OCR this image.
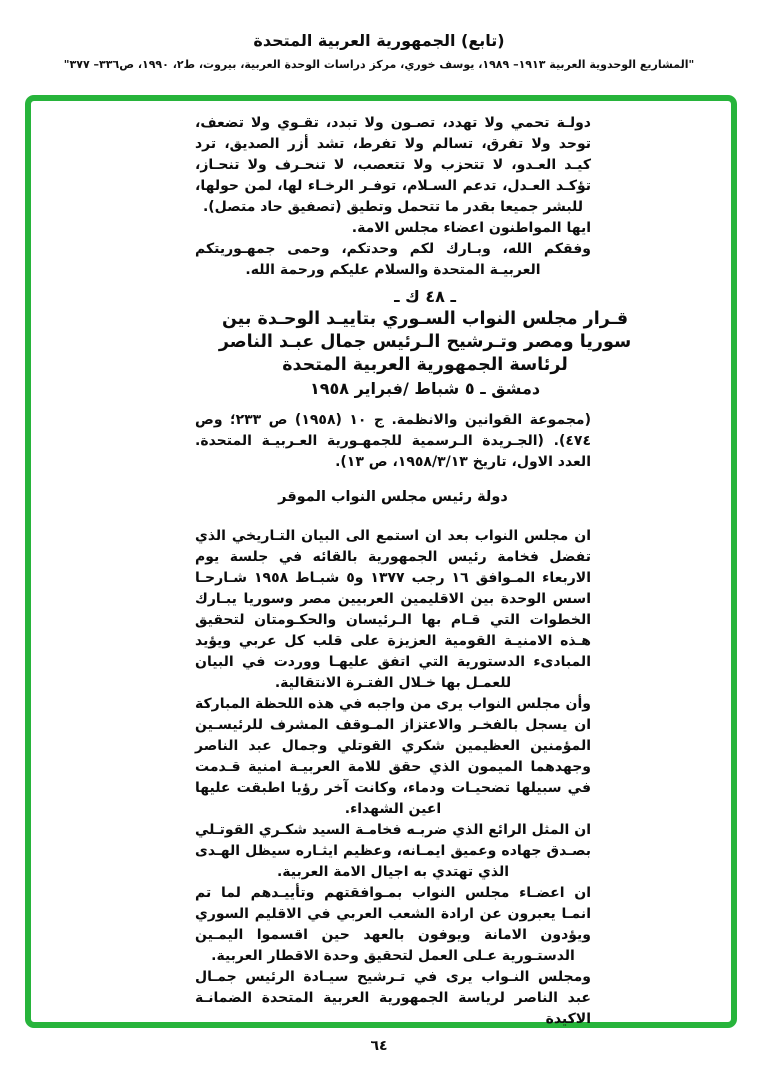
(تابع) الجمهورية العربية المتحدة
"المشاريع الوحدوية العربية ١٩١٣– ١٩٨٩، يوسف خوري، مركز دراسات الوحدة العربية، بيروت، ط٢، ١٩٩٠، ص٣٣٦– ٣٧٧"

دولـة تحمي ولا تهدد، تصـون ولا تبدد، تقـوي ولا تضعف، توحد ولا تفرق، تسالم ولا تفرط، تشد أزر الصديق، ترد كيـد العـدو، لا تتحزب ولا تتعصب، لا تنحـرف ولا تنحـاز، تؤكـد العـدل، تدعم السـلام، توفـر الرخـاء لها، لمن حولها، للبشر جميعا بقدر ما تتحمل وتطيق (تصفيق حاد متصل).

ايها المواطنون اعضاء مجلس الامة.

وفقكم الله، وبـارك لكم وحدتكم، وحمى جمهـوريتكم العربيـة المتحدة والسلام عليكم ورحمة الله.

ـ ٤٨ ك ـ
قـرار مجلس النواب السـوري بتاييـد الوحـدة بين
سوريا ومصر وتـرشيح الـرئيس جمال عبـد الناصر
لرئاسة الجمهورية العربية المتحدة
دمشق ـ ٥ شباط /فبراير ١٩٥٨

(مجموعة القوانين والانظمة. ج ١٠ (١٩٥٨) ص ٢٣٣؛ وص ٤٧٤). (الجـريدة الـرسمية للجمهـورية العـربيـة المتحدة. العدد الاول، تاريخ ١٩٥٨/٣/١٣، ص ١٣).

دولة رئيس مجلس النواب الموقر

ان مجلس النواب بعد ان استمع الى البيان التـاريخي الذي تفضل فخامة رئيس الجمهورية بالقائه في جلسة يوم الاربعاء المـوافق ١٦ رجب ١٣٧٧ و٥ شبـاط ١٩٥٨ شـارحـا اسس الوحدة بين الاقليمين العربيين مصر وسوريا يبـارك الخطوات التي قـام بها الـرئيسان والحكـومتان لتحقيق هـذه الامنيـة القومية العزيزة على قلب كل عربي ويؤيد المبادىء الدستورية التي اتفق عليهـا ووردت في البيان للعمـل بها خـلال الفتـرة الانتقالية.

وأن مجلس النواب يرى من واجبه في هذه اللحظة المباركة ان يسجل بالفخـر والاعتزاز المـوقف المشرف للرئيسـين المؤمنين العظيمين شكري القوتلي وجمال عبد الناصر وجهدهما الميمون الذي حقق للامة العربيـة امنية قـدمت في سبيلها تضحيـات ودماء، وكانت آخر رؤيا اطبقت عليها اعين الشهداء.

ان المثل الرائع الذي ضربـه فخامـة السيد شكـري القوتـلي بصـدق جهاده وعميق ايمـانه، وعظيم ايثـاره سيظل الهـدى الذي تهتدي به اجيال الامة العربية.

ان اعضـاء مجلس النواب بمـوافقتهم وتأييـدهم لما تم انمـا يعبرون عن ارادة الشعب العربي في الاقليم السوري ويؤدون الامانة ويوفون بالعهد حين اقسموا اليمـين الدستـورية عـلى العمل لتحقيق وحدة الاقطار العربية.

ومجلس النـواب يرى في تـرشيح سيـادة الرئيس جمـال عبد الناصر لرياسة الجمهورية العربية المتحدة الضمانـة الاكيدة

٦٤
